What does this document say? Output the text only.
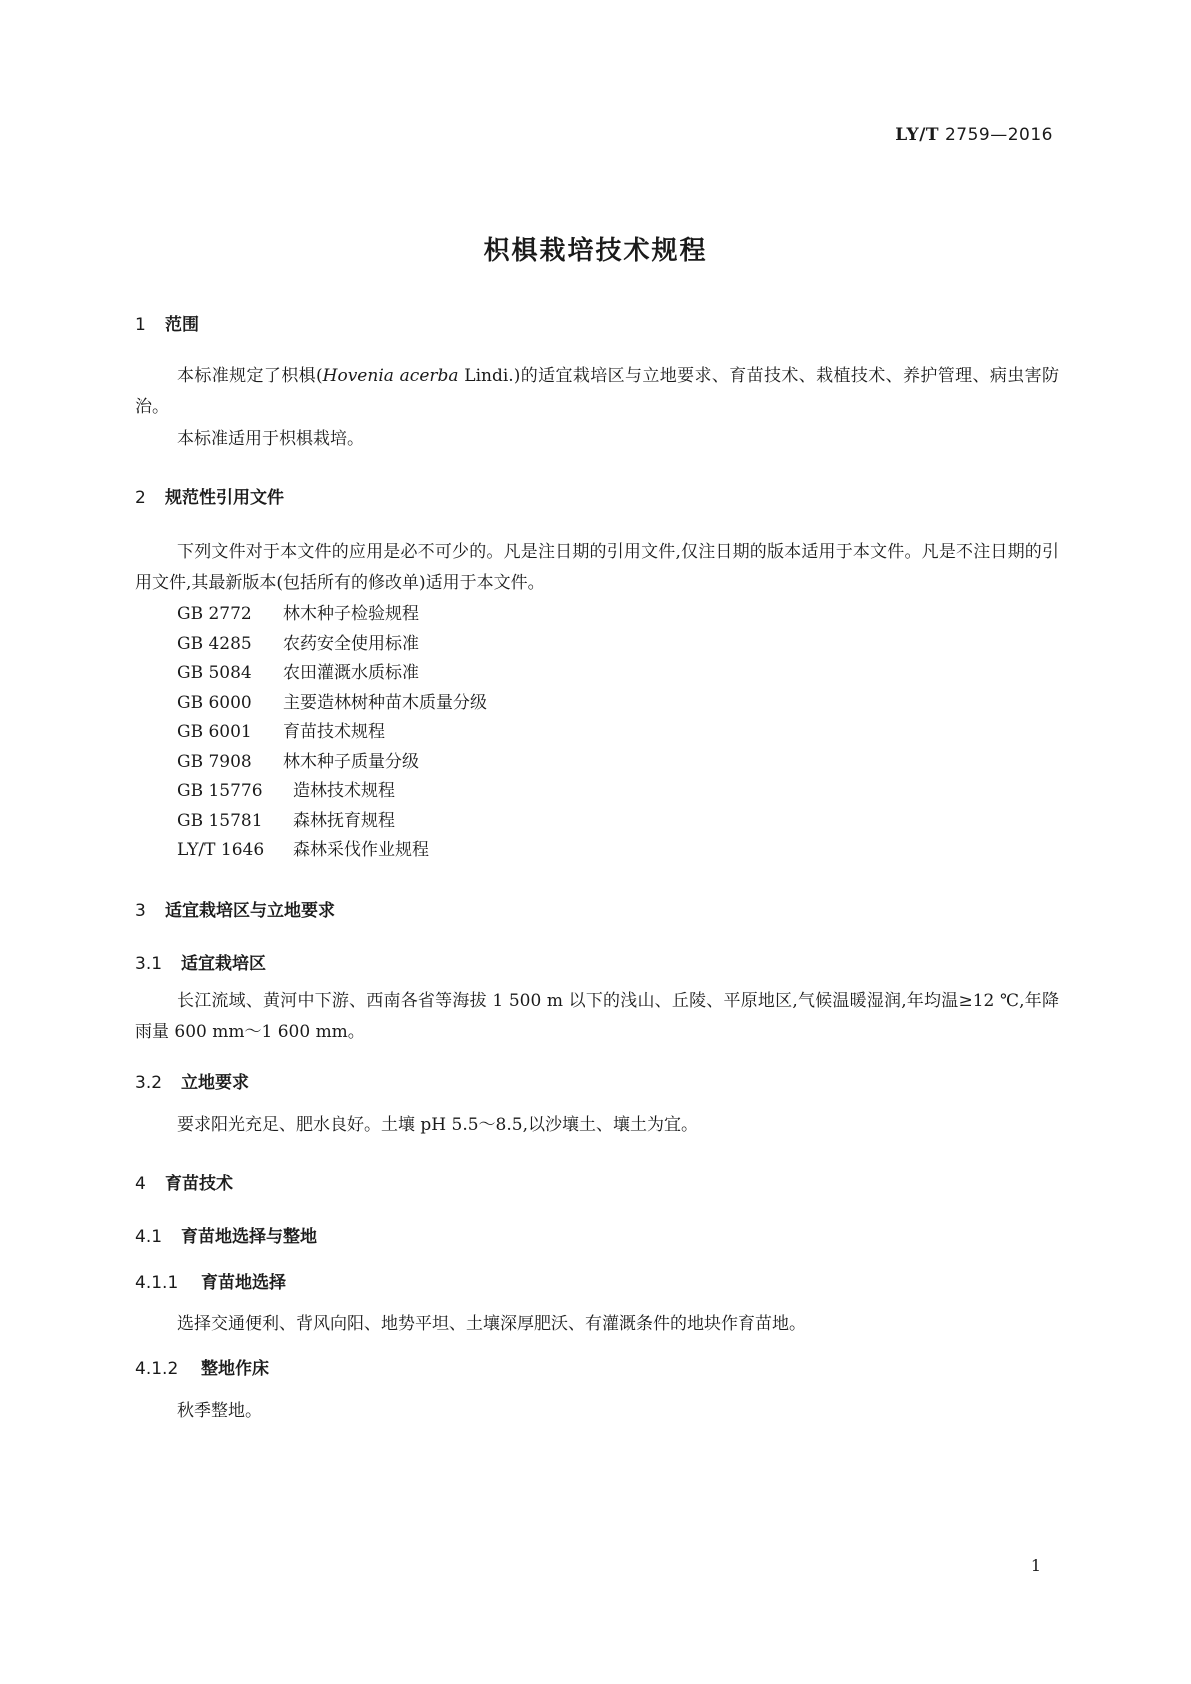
LY/T 2759—2016
枳椇栽培技术规程
1 范围
本标准规定了枳椇(Hovenia acerba Lindi.)的适宜栽培区与立地要求、育苗技术、栽植技术、养护管理、病虫害防治。
本标准适用于枳椇栽培。
2 规范性引用文件
下列文件对于本文件的应用是必不可少的。凡是注日期的引用文件,仅注日期的版本适用于本文件。凡是不注日期的引用文件,其最新版本(包括所有的修改单)适用于本文件。
GB 2772 林木种子检验规程
GB 4285 农药安全使用标准
GB 5084 农田灌溉水质标准
GB 6000 主要造林树种苗木质量分级
GB 6001 育苗技术规程
GB 7908 林木种子质量分级
GB 15776 造林技术规程
GB 15781 森林抚育规程
LY/T 1646 森林采伐作业规程
3 适宜栽培区与立地要求
3.1 适宜栽培区
长江流域、黄河中下游、西南各省等海拔 1 500 m 以下的浅山、丘陵、平原地区,气候温暖湿润,年均温≥12 ℃,年降雨量 600 mm～1 600 mm。
3.2 立地要求
要求阳光充足、肥水良好。土壤 pH 5.5～8.5,以沙壤土、壤土为宜。
4 育苗技术
4.1 育苗地选择与整地
4.1.1 育苗地选择
选择交通便利、背风向阳、地势平坦、土壤深厚肥沃、有灌溉条件的地块作育苗地。
4.1.2 整地作床
秋季整地。
1
